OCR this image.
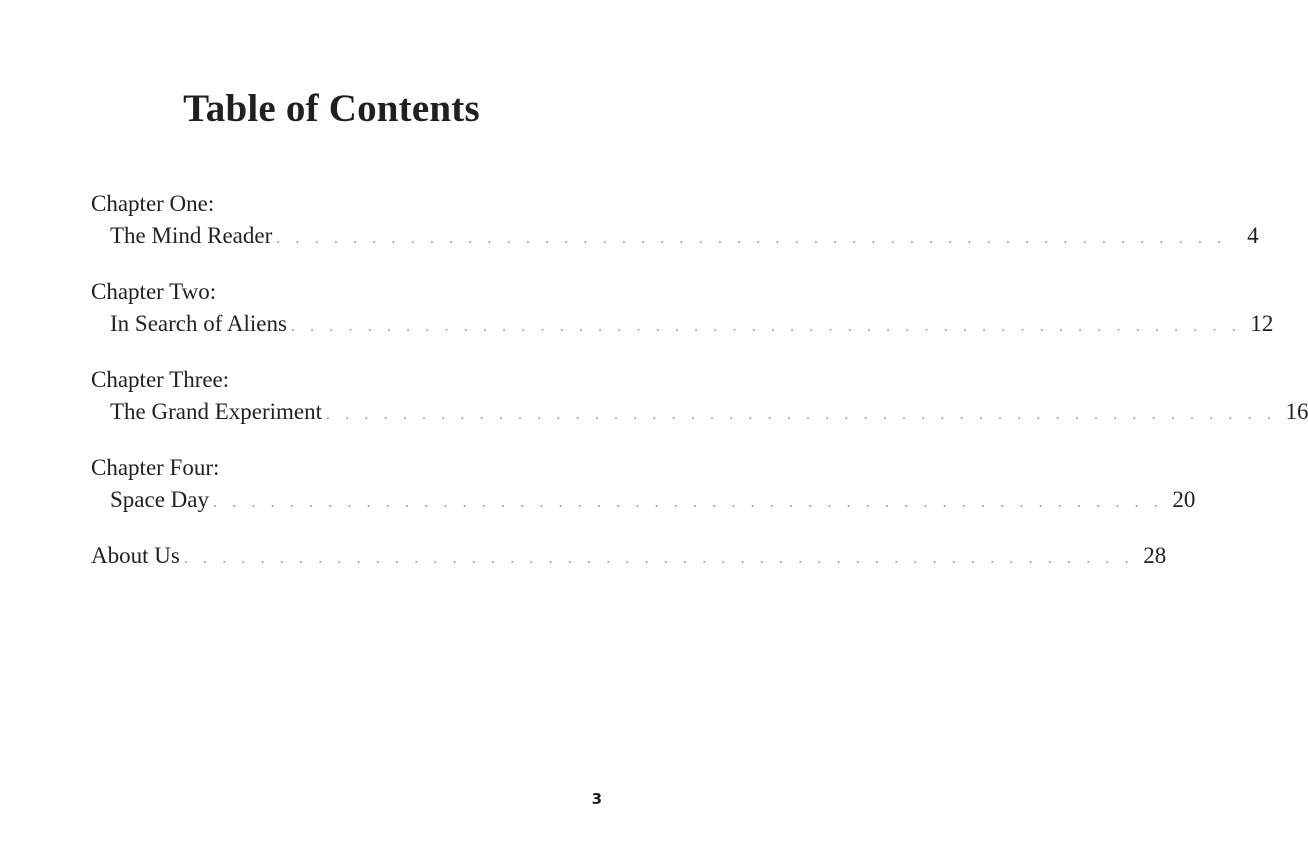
Table of Contents
Chapter One:
The Mind Reader . . . . . . . . . . . . . . . . . . . . . . . . . . . . . . . . . . . . . . . . . . . . . . . . . . 4
Chapter Two:
In Search of Aliens . . . . . . . . . . . . . . . . . . . . . . . . . . . . . . . . . . . . . . . . . . . . . . . . . . 12
Chapter Three:
The Grand Experiment . . . . . . . . . . . . . . . . . . . . . . . . . . . . . . . . . . . . . . . . . . . . . . . . . . 16
Chapter Four:
Space Day . . . . . . . . . . . . . . . . . . . . . . . . . . . . . . . . . . . . . . . . . . . . . . . . . . 20
About Us . . . . . . . . . . . . . . . . . . . . . . . . . . . . . . . . . . . . . . . . . . . . . . . . . . 28
3
